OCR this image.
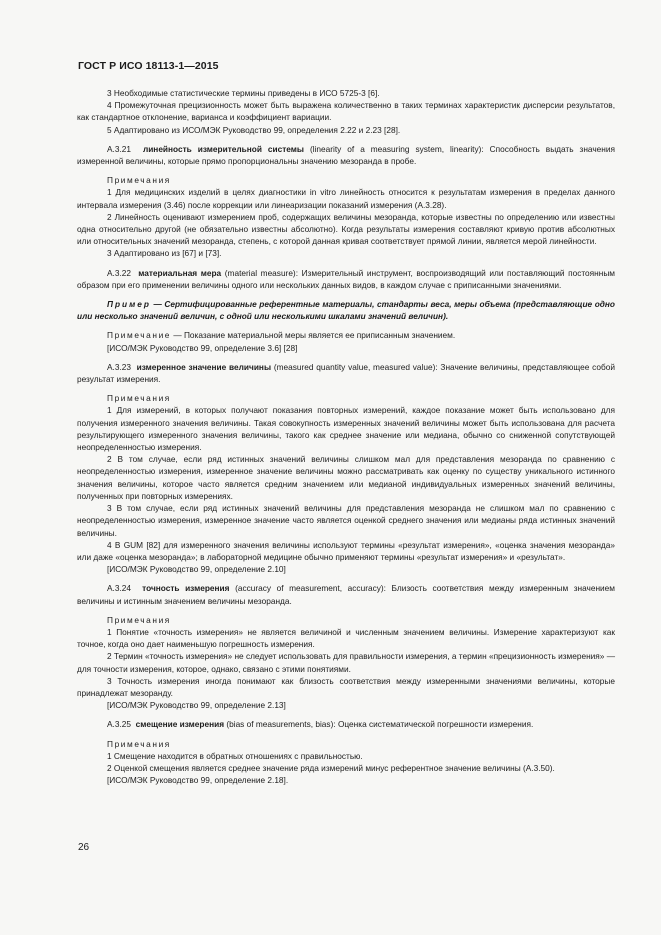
ГОСТ Р ИСО 18113-1—2015

3 Необходимые статистические термины приведены в ИСО 5725-3 [6].

4 Промежуточная прецизионность может быть выражена количественно в таких терминах характеристик дисперсии результатов, как стандартное отклонение, варианса и коэффициент вариации.

5 Адаптировано из ИСО/МЭК Руководство 99, определения 2.22 и 2.23 [28].

А.3.21 линейность измерительной системы (linearity of a measuring system, linearity): Способность выдать значения измеренной величины, которые прямо пропорциональны значению мезоранда в пробе.

Примечания

1 Для медицинских изделий в целях диагностики in vitro линейность относится к результатам измерения в пределах данного интервала измерения (3.46) после коррекции или линеаризации показаний измерения (А.3.28).

2 Линейность оценивают измерением проб, содержащих величины мезоранда, которые известны по определению или известны одна относительно другой (не обязательно известны абсолютно). Когда результаты измерения составляют кривую против абсолютных или относительных значений мезоранда, степень, с которой данная кривая соответствует прямой линии, является мерой линейности.

3 Адаптировано из [67] и [73].

А.3.22 материальная мера (material measure): Измерительный инструмент, воспроизводящий или поставляющий постоянным образом при его применении величины одного или нескольких данных видов, в каждом случае с приписанными значениями.

Пример — Сертифицированные референтные материалы, стандарты веса, меры объема (представляющие одно или несколько значений величин, с одной или несколькими шкалами значений величин).

Примечание — Показание материальной меры является ее приписанным значением.

[ИСО/МЭК Руководство 99, определение 3.6] [28]

А.3.23 измеренное значение величины (measured quantity value, measured value): Значение величины, представляющее собой результат измерения.

Примечания

1 Для измерений, в которых получают показания повторных измерений, каждое показание может быть использовано для получения измеренного значения величины. Такая совокупность измеренных значений величины может быть использована для расчета результирующего измеренного значения величины, такого как среднее значение или медиана, обычно со сниженной сопутствующей неопределенностью измерения.

2 В том случае, если ряд истинных значений величины слишком мал для представления мезоранда по сравнению с неопределенностью измерения, измеренное значение величины можно рассматривать как оценку по существу уникального истинного значения величины, которое часто является средним значением или медианой индивидуальных измеренных значений величины, полученных при повторных измерениях.

3 В том случае, если ряд истинных значений величины для представления мезоранда не слишком мал по сравнению с неопределенностью измерения, измеренное значение часто является оценкой среднего значения или медианы ряда истинных значений величины.

4 В GUM [82] для измеренного значения величины используют термины «результат измерения», «оценка значения мезоранда» или даже «оценка мезоранда»; в лабораторной медицине обычно применяют термины «результат измерения» и «результат».

[ИСО/МЭК Руководство 99, определение 2.10]

А.3.24 точность измерения (accuracy of measurement, accuracy): Близость соответствия между измеренным значением величины и истинным значением величины мезоранда.

Примечания

1 Понятие «точность измерения» не является величиной и численным значением величины. Измерение характеризуют как точное, когда оно дает наименьшую погрешность измерения.

2 Термин «точность измерения» не следует использовать для правильности измерения, а термин «прецизионность измерения» — для точности измерения, которое, однако, связано с этими понятиями.

3 Точность измерения иногда понимают как близость соответствия между измеренными значениями величины, которые принадлежат мезоранду.

[ИСО/МЭК Руководство 99, определение 2.13]

А.3.25 смещение измерения (bias of measurements, bias): Оценка систематической погрешности измерения.

Примечания

1 Смещение находится в обратных отношениях с правильностью.

2 Оценкой смещения является среднее значение ряда измерений минус референтное значение величины (А.3.50).

[ИСО/МЭК Руководство 99, определение 2.18].

26
